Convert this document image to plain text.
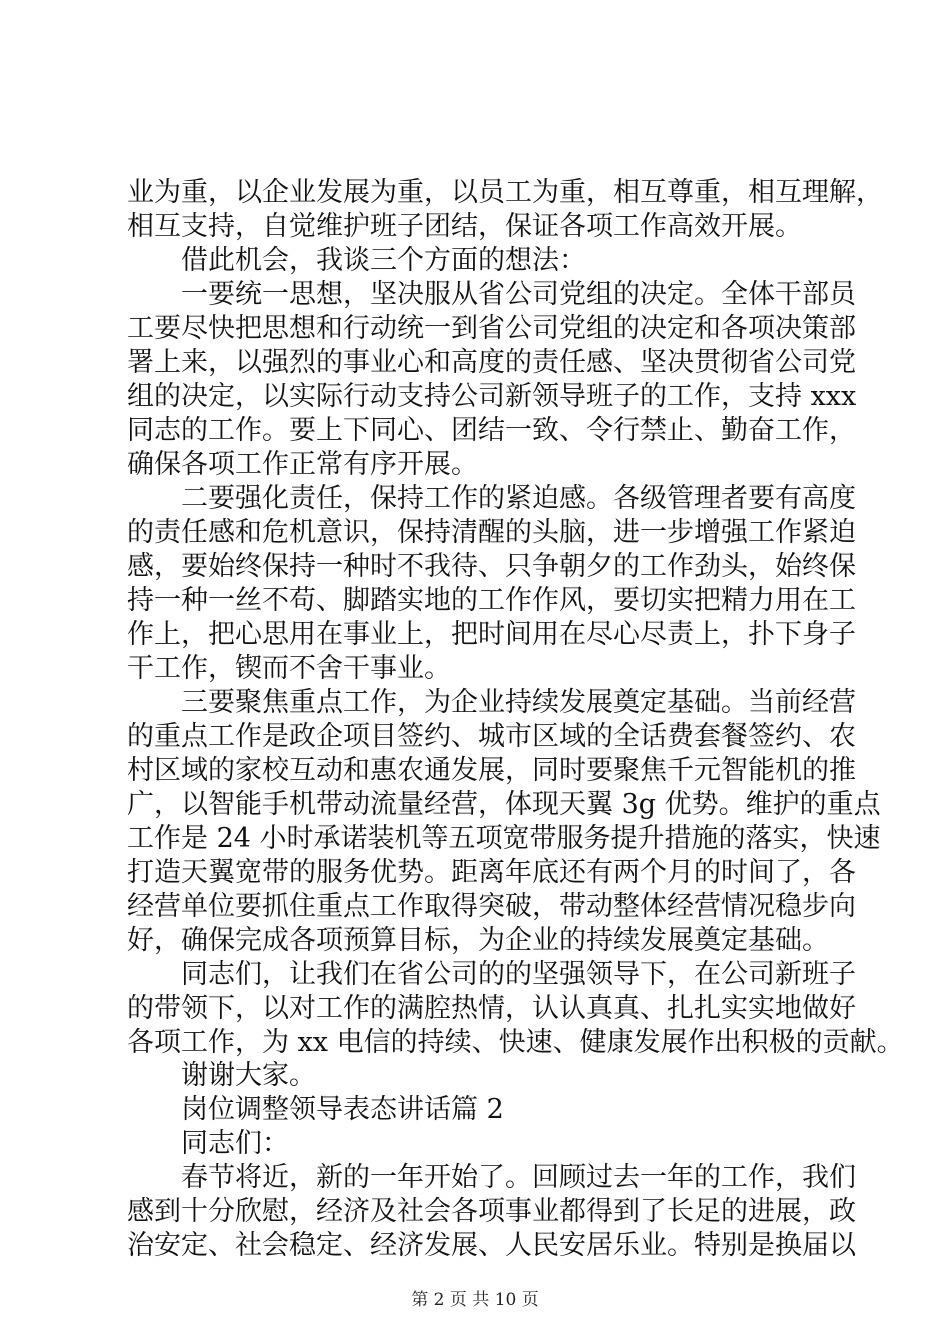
业为重，以企业发展为重，以员工为重，相互尊重，相互理解，
相互支持，自觉维护班子团结，保证各项工作高效开展。
借此机会，我谈三个方面的想法：
一要统一思想，坚决服从省公司党组的决定。全体干部员
工要尽快把思想和行动统一到省公司党组的决定和各项决策部
署上来，以强烈的事业心和高度的责任感、坚决贯彻省公司党
组的决定，以实际行动支持公司新领导班子的工作，支持 xxx
同志的工作。要上下同心、团结一致、令行禁止、勤奋工作，
确保各项工作正常有序开展。
二要强化责任，保持工作的紧迫感。各级管理者要有高度
的责任感和危机意识，保持清醒的头脑，进一步增强工作紧迫
感，要始终保持一种时不我待、只争朝夕的工作劲头，始终保
持一种一丝不苟、脚踏实地的工作作风，要切实把精力用在工
作上，把心思用在事业上，把时间用在尽心尽责上，扑下身子
干工作，锲而不舍干事业。
三要聚焦重点工作，为企业持续发展奠定基础。当前经营
的重点工作是政企项目签约、城市区域的全话费套餐签约、农
村区域的家校互动和惠农通发展，同时要聚焦千元智能机的推
广，以智能手机带动流量经营，体现天翼 3g 优势。维护的重点
工作是 24 小时承诺装机等五项宽带服务提升措施的落实，快速
打造天翼宽带的服务优势。距离年底还有两个月的时间了，各
经营单位要抓住重点工作取得突破，带动整体经营情况稳步向
好，确保完成各项预算目标，为企业的持续发展奠定基础。
同志们，让我们在省公司的的坚强领导下，在公司新班子
的带领下，以对工作的满腔热情，认认真真、扎扎实实地做好
各项工作，为 xx 电信的持续、快速、健康发展作出积极的贡献。
谢谢大家。
岗位调整领导表态讲话篇 2
同志们：
春节将近，新的一年开始了。回顾过去一年的工作，我们
感到十分欣慰，经济及社会各项事业都得到了长足的进展，政
第 2 页 共 10 页
治安定、社会稳定、经济发展、人民安居乐业。特别是换届以
